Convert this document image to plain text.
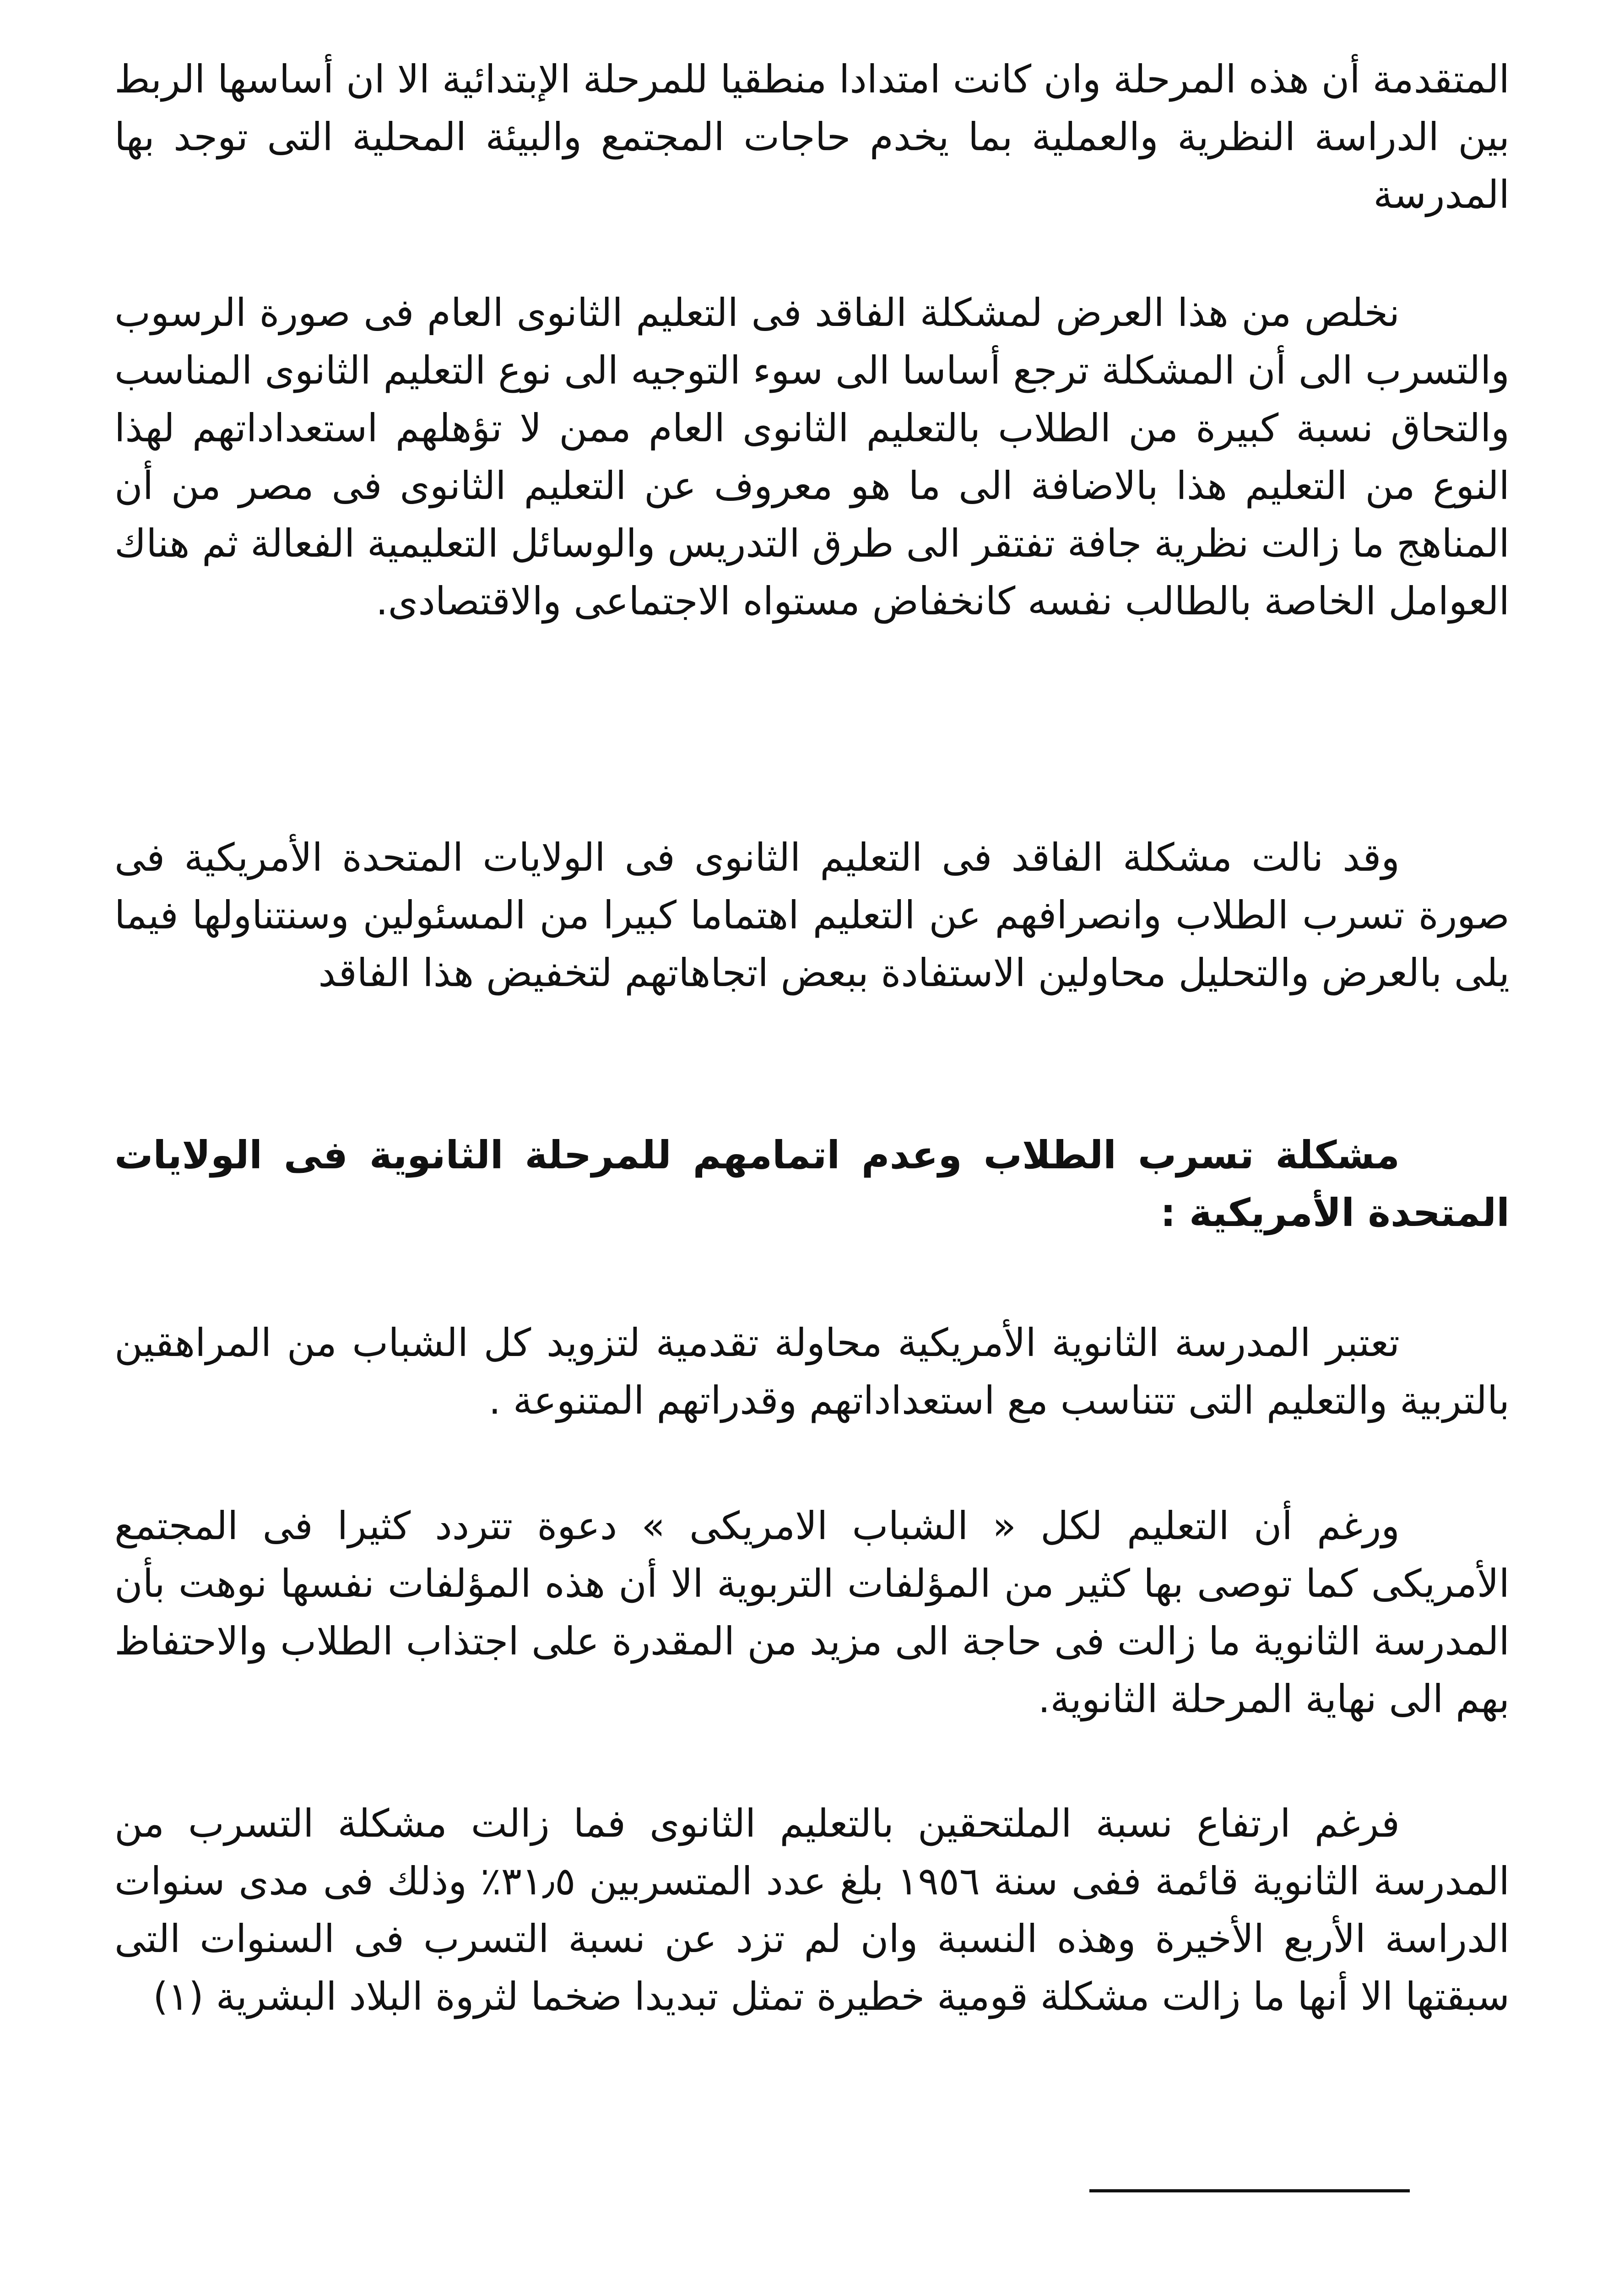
المتقدمة أن هذه المرحلة وان كانت امتدادا منطقيا للمرحلة الإبتدائية الا ان أساسها الربط بين الدراسة النظرية والعملية بما يخدم حاجات المجتمع والبيئة المحلية التى توجد بها المدرسة

نخلص من هذا العرض لمشكلة الفاقد فى التعليم الثانوى العام فى صورة الرسوب والتسرب الى أن المشكلة ترجع أساسا الى سوء التوجيه الى نوع التعليم الثانوى المناسب والتحاق نسبة كبيرة من الطلاب بالتعليم الثانوى العام ممن لا تؤهلهم استعداداتهم لهذا النوع من التعليم هذا بالاضافة الى ما هو معروف عن التعليم الثانوى فى مصر من أن المناهج ما زالت نظرية جافة تفتقر الى طرق التدريس والوسائل التعليمية الفعالة ثم هناك العوامل الخاصة بالطالب نفسه كانخفاض مستواه الاجتماعى والاقتصادى.

وقد نالت مشكلة الفاقد فى التعليم الثانوى فى الولايات المتحدة الأمريكية فى صورة تسرب الطلاب وانصرافهم عن التعليم اهتماما كبيرا من المسئولين وسنتناولها فيما يلى بالعرض والتحليل محاولين الاستفادة ببعض اتجاهاتهم لتخفيض هذا الفاقد

مشكلة تسرب الطلاب وعدم اتمامهم للمرحلة الثانوية فى الولايات المتحدة الأمريكية :

تعتبر المدرسة الثانوية الأمريكية محاولة تقدمية لتزويد كل الشباب من المراهقين بالتربية والتعليم التى تتناسب مع استعداداتهم وقدراتهم المتنوعة .

ورغم أن التعليم لكل « الشباب الامريكى » دعوة تتردد كثيرا فى المجتمع الأمريكى كما توصى بها كثير من المؤلفات التربوية الا أن هذه المؤلفات نفسها نوهت بأن المدرسة الثانوية ما زالت فى حاجة الى مزيد من المقدرة على اجتذاب الطلاب والاحتفاظ بهم الى نهاية المرحلة الثانوية.

فرغم ارتفاع نسبة الملتحقين بالتعليم الثانوى فما زالت مشكلة التسرب من المدرسة الثانوية قائمة ففى سنة ١٩٥٦ بلغ عدد المتسربين ٣١٫٥٪ وذلك فى مدى سنوات الدراسة الأربع الأخيرة وهذه النسبة وان لم تزد عن نسبة التسرب فى السنوات التى سبقتها الا أنها ما زالت مشكلة قومية خطيرة تمثل تبديدا ضخما لثروة البلاد البشرية (١)
